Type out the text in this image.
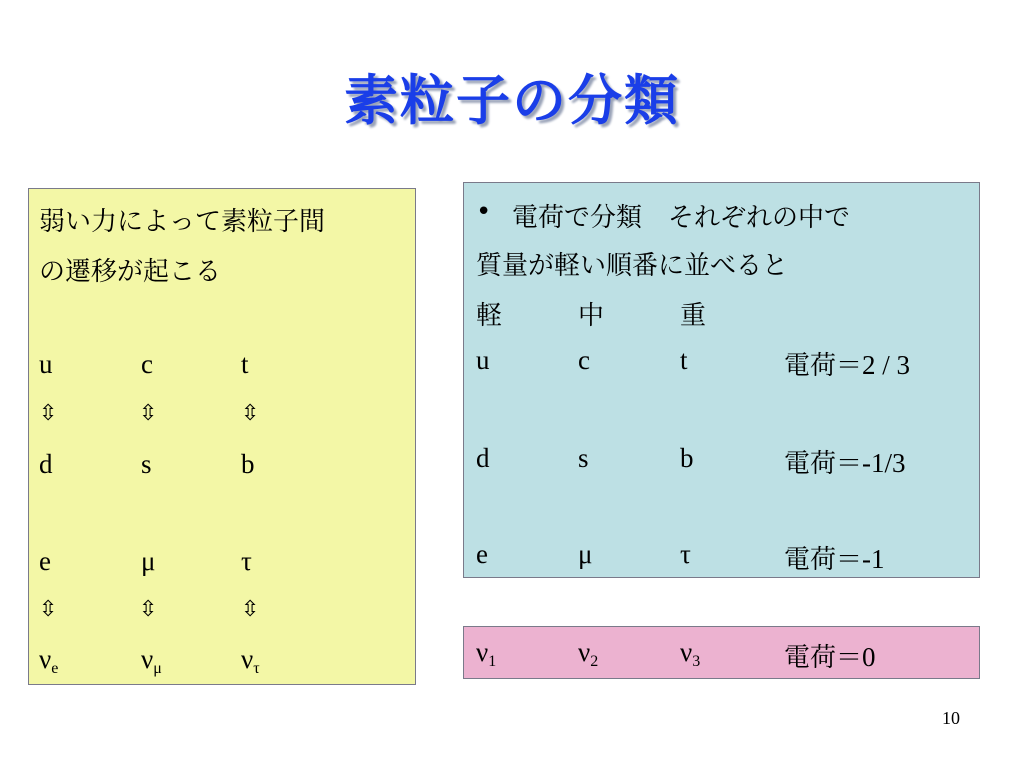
素粒子の分類
弱い力によって素粒子間
の遷移が起こる
u	c	t
⇳	⇳	⇳
d	s	b
e	μ	τ
⇳	⇳	⇳
$\nu_e$	$\nu_\mu$	$\nu_\tau$
• 電荷で分類　それぞれの中で
質量が軽い順番に並べると
軽	中	重
u	c	t	電荷＝2 / 3
d	s	b	電荷＝-1/3
e	μ	τ	電荷＝-1
$\nu_1$	$\nu_2$	$\nu_3$	電荷＝0
10
